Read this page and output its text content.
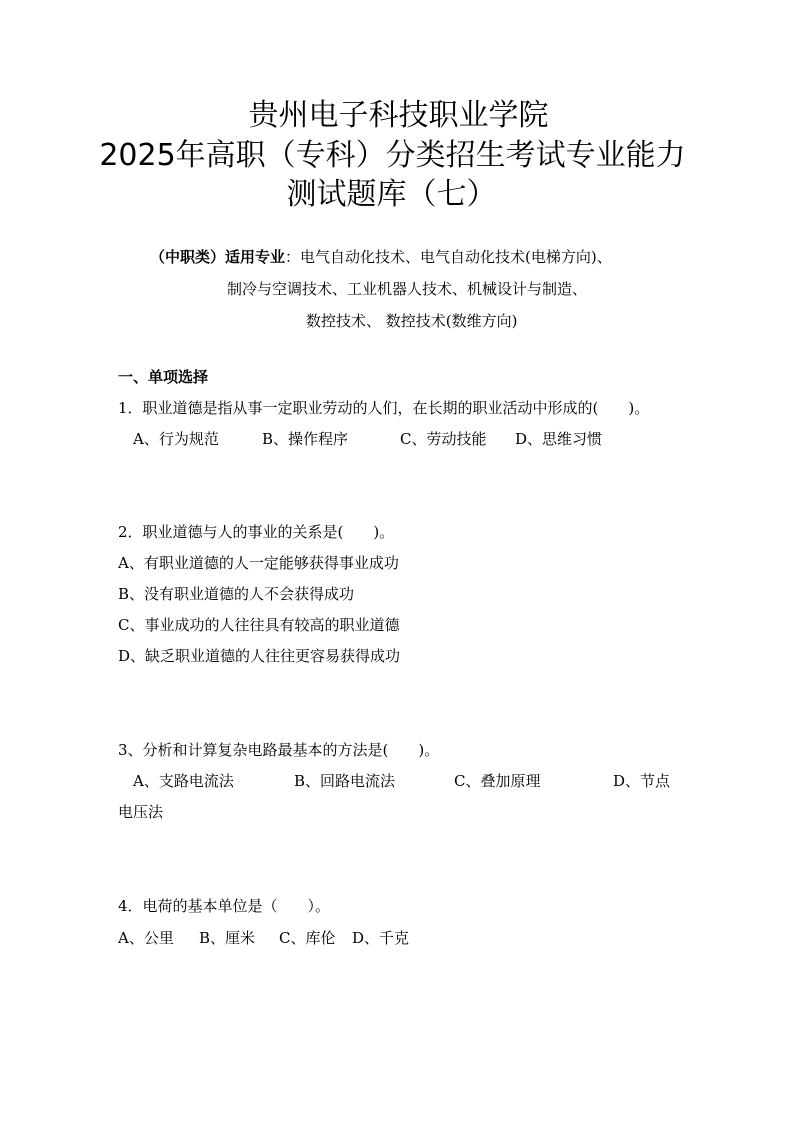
贵州电子科技职业学院
2025年高职（专科）分类招生考试专业能力
测试题库（七）
（中职类）适用专业：电气自动化技术、电气自动化技术(电梯方向)、
制冷与空调技术、工业机器人技术、机械设计与制造、
数控技术、 数控技术(数维方向)
一、单项选择
1．职业道德是指从事一定职业劳动的人们，在长期的职业活动中形成的(　　)。
A、行为规范	B、操作程序	C、劳动技能 D、思维习惯
2．职业道德与人的事业的关系是(　　)。
A、有职业道德的人一定能够获得事业成功
B、没有职业道德的人不会获得成功
C、事业成功的人往往具有较高的职业道德
D、缺乏职业道德的人往往更容易获得成功
3、分析和计算复杂电路最基本的方法是(　　)。
A、支路电流法	B、回路电流法	C、叠加原理	D、节点
电压法
4．电荷的基本单位是（　　）。
A、公里 B、厘米 C、库伦 D、千克
